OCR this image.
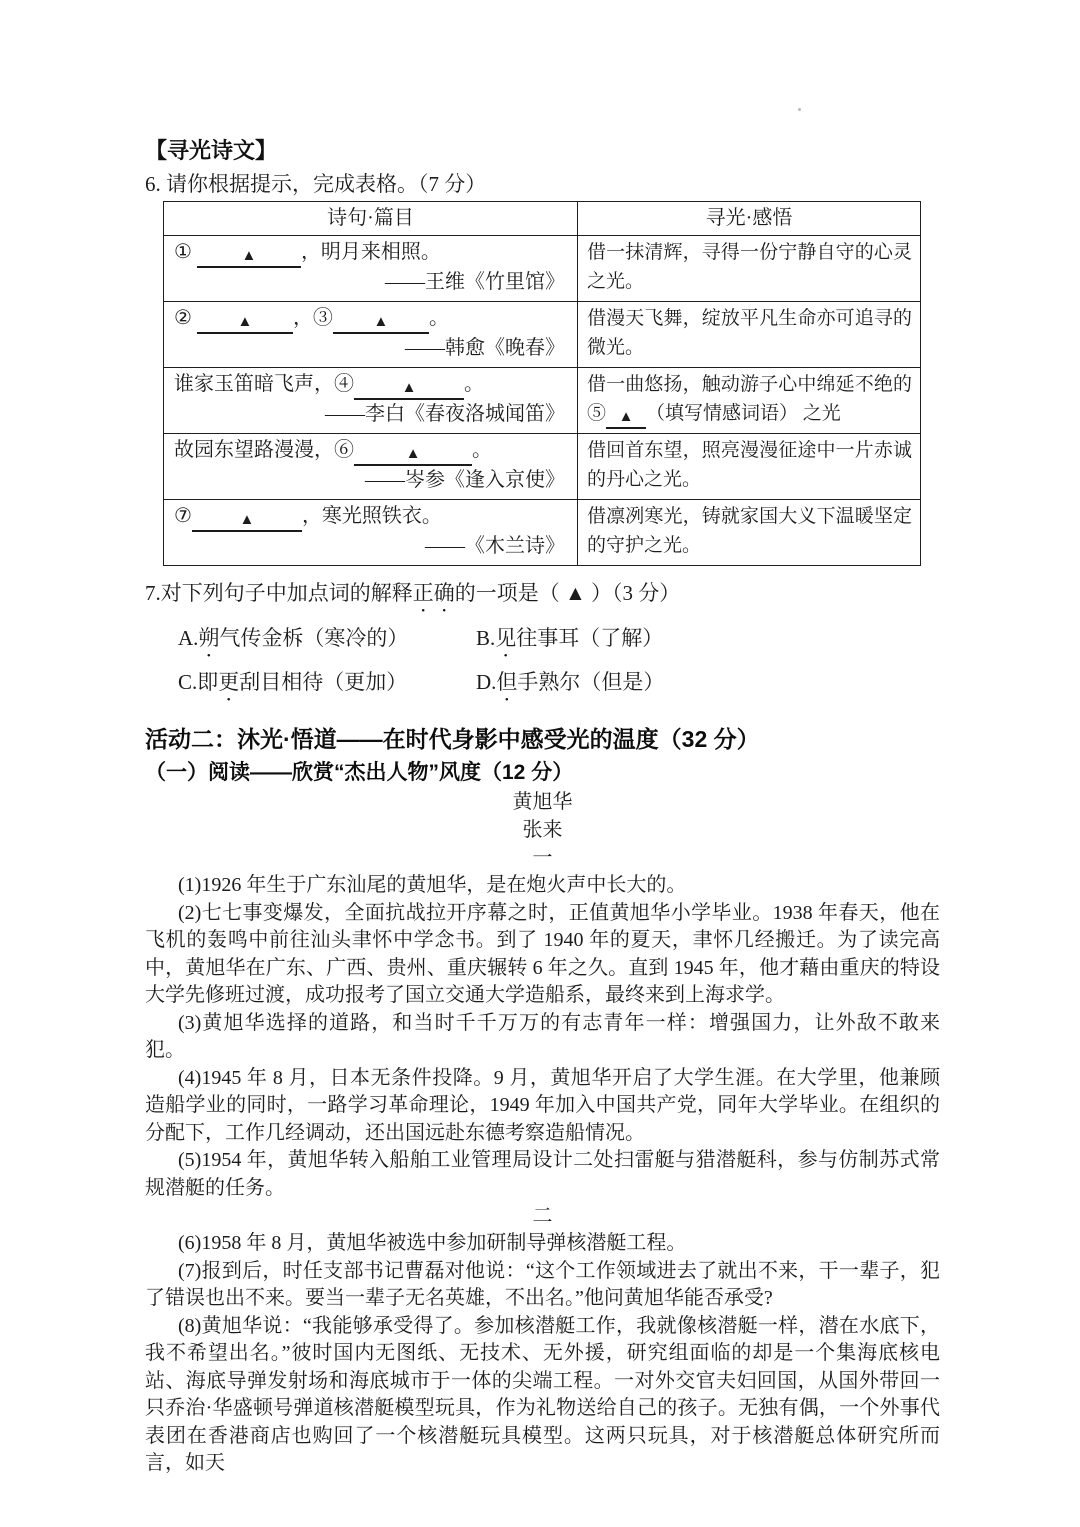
【寻光诗文】
6. 请你根据提示，完成表格。（7 分）
诗句·篇目	寻光·感悟

① ▲ ，明月来相照。
——王维《竹里馆》	借一抹清辉，寻得一份宁静自守的心灵之光。

② ▲ ，③ ▲ 。
——韩愈《晚春》	借漫天飞舞，绽放平凡生命亦可追寻的微光。

谁家玉笛暗飞声，④ ▲ 。
——李白《春夜洛城闻笛》	借一曲悠扬，触动游子心中绵延不绝的⑤ ▲ （填写情感词语） 之光

故园东望路漫漫，⑥ ▲ 。
——岑参《逢入京使》	借回首东望，照亮漫漫征途中一片赤诚的丹心之光。

⑦ ▲ ，寒光照铁衣。
——《木兰诗》	借凛冽寒光，铸就家国大义下温暖坚定的守护之光。
7.对下列句子中加点词的解释正确的一项是（ ▲ ）（3 分）
A.朔气传金柝（寒冷的）	B.见往事耳（了解）
C.即更刮目相待（更加）	D.但手熟尔（但是）
活动二：沐光·悟道——在时代身影中感受光的温度（32 分）
（一）阅读——欣赏“杰出人物”风度（12 分）
黄旭华
张来
一

(1)1926 年生于广东汕尾的黄旭华，是在炮火声中长大的。

(2)七七事变爆发，全面抗战拉开序幕之时，正值黄旭华小学毕业。1938 年春天，他在飞机的轰鸣中前往汕头聿怀中学念书。到了 1940 年的夏天，聿怀几经搬迁。为了读完高中，黄旭华在广东、广西、贵州、重庆辗转 6 年之久。直到 1945 年，他才藉由重庆的特设大学先修班过渡，成功报考了国立交通大学造船系，最终来到上海求学。

(3)黄旭华选择的道路，和当时千千万万的有志青年一样：增强国力，让外敌不敢来犯。

(4)1945 年 8 月，日本无条件投降。9 月，黄旭华开启了大学生涯。在大学里，他兼顾造船学业的同时，一路学习革命理论，1949 年加入中国共产党，同年大学毕业。在组织的分配下，工作几经调动，还出国远赴东德考察造船情况。

(5)1954 年，黄旭华转入船舶工业管理局设计二处扫雷艇与猎潜艇科，参与仿制苏式常规潜艇的任务。

二

(6)1958 年 8 月，黄旭华被选中参加研制导弹核潜艇工程。

(7)报到后，时任支部书记曹磊对他说：“这个工作领域进去了就出不来，干一辈子，犯了错误也出不来。要当一辈子无名英雄，不出名。”他问黄旭华能否承受?

(8)黄旭华说：“我能够承受得了。参加核潜艇工作，我就像核潜艇一样，潜在水底下，我不希望出名。”彼时国内无图纸、无技术、无外援，研究组面临的却是一个集海底核电站、海底导弹发射场和海底城市于一体的尖端工程。一对外交官夫妇回国，从国外带回一只乔治·华盛顿号弹道核潜艇模型玩具，作为礼物送给自己的孩子。无独有偶，一个外事代表团在香港商店也购回了一个核潜艇玩具模型。这两只玩具，对于核潜艇总体研究所而言，如天
